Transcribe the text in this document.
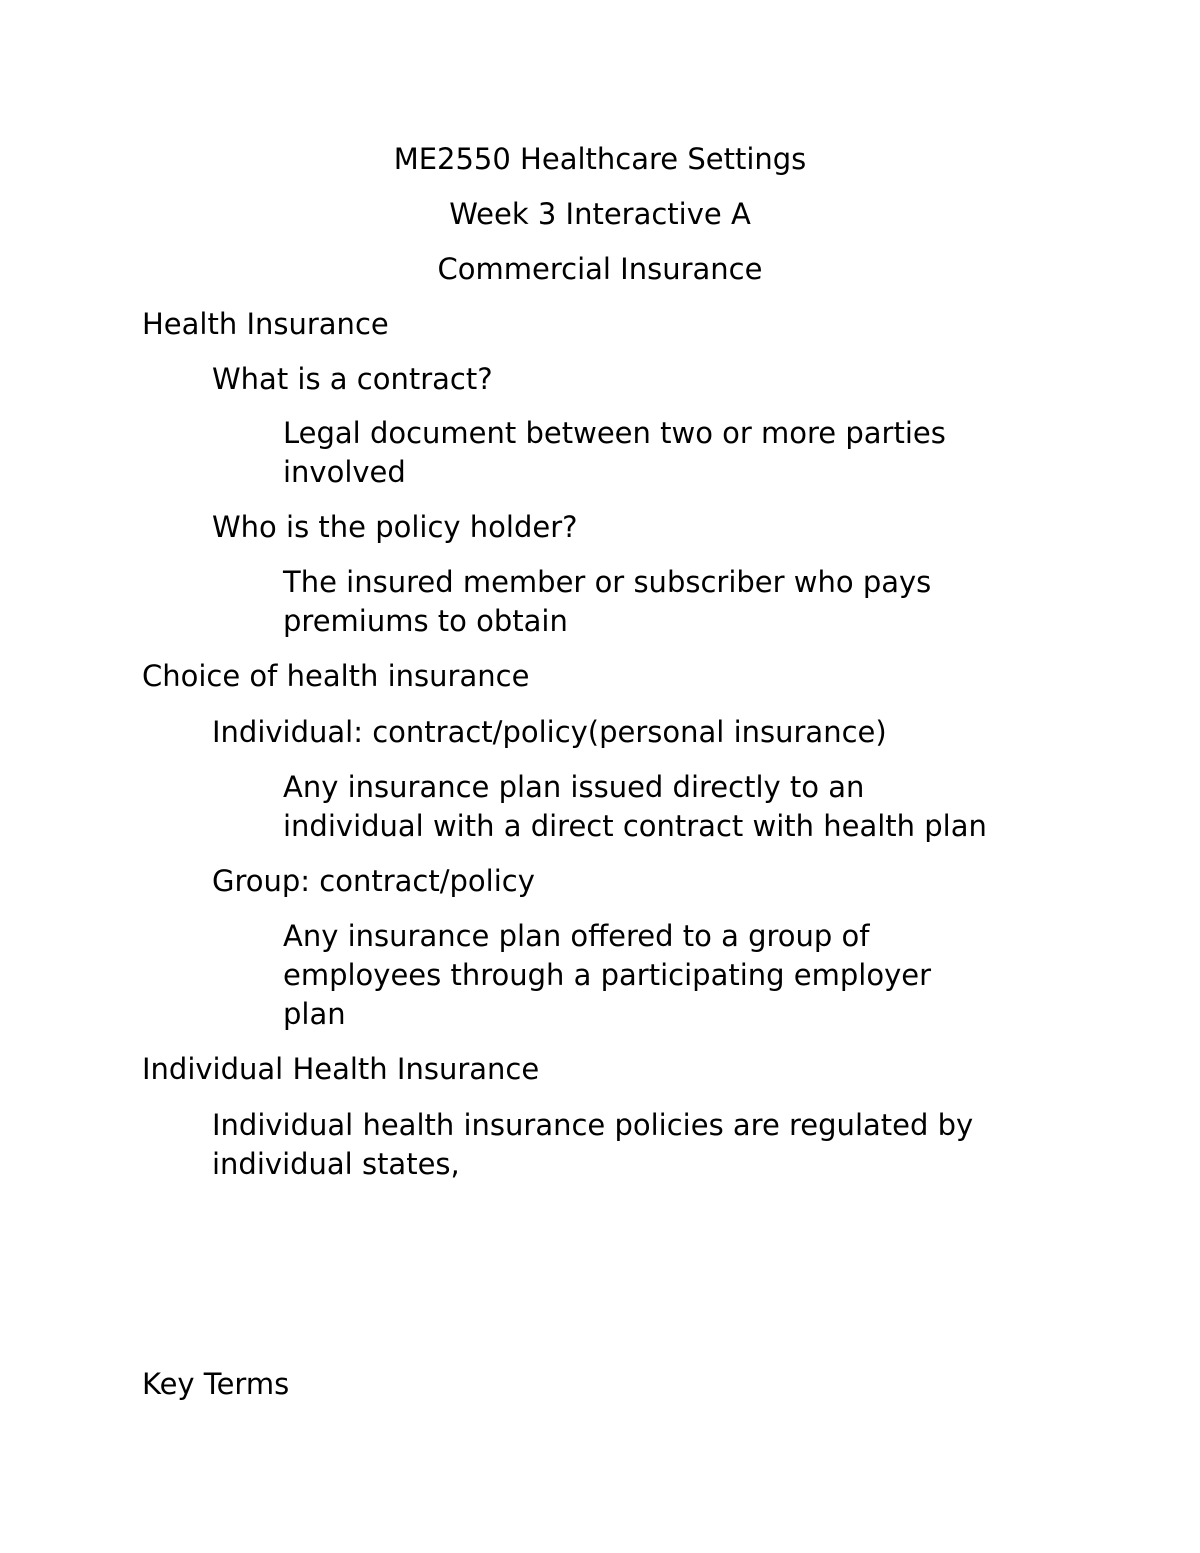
ME2550 Healthcare Settings

Week 3 Interactive A

Commercial Insurance

Health Insurance

What is a contract?

Legal document between two or more parties

involved

Who is the policy holder?

The insured member or subscriber who pays

premiums to obtain

Choice of health insurance

Individual: contract/policy(personal insurance)

Any insurance plan issued directly to an

individual with a direct contract with health plan

Group: contract/policy

Any insurance plan offered to a group of

employees through a participating employer

plan

Individual Health Insurance

Individual health insurance policies are regulated by

individual states,

Key Terms
